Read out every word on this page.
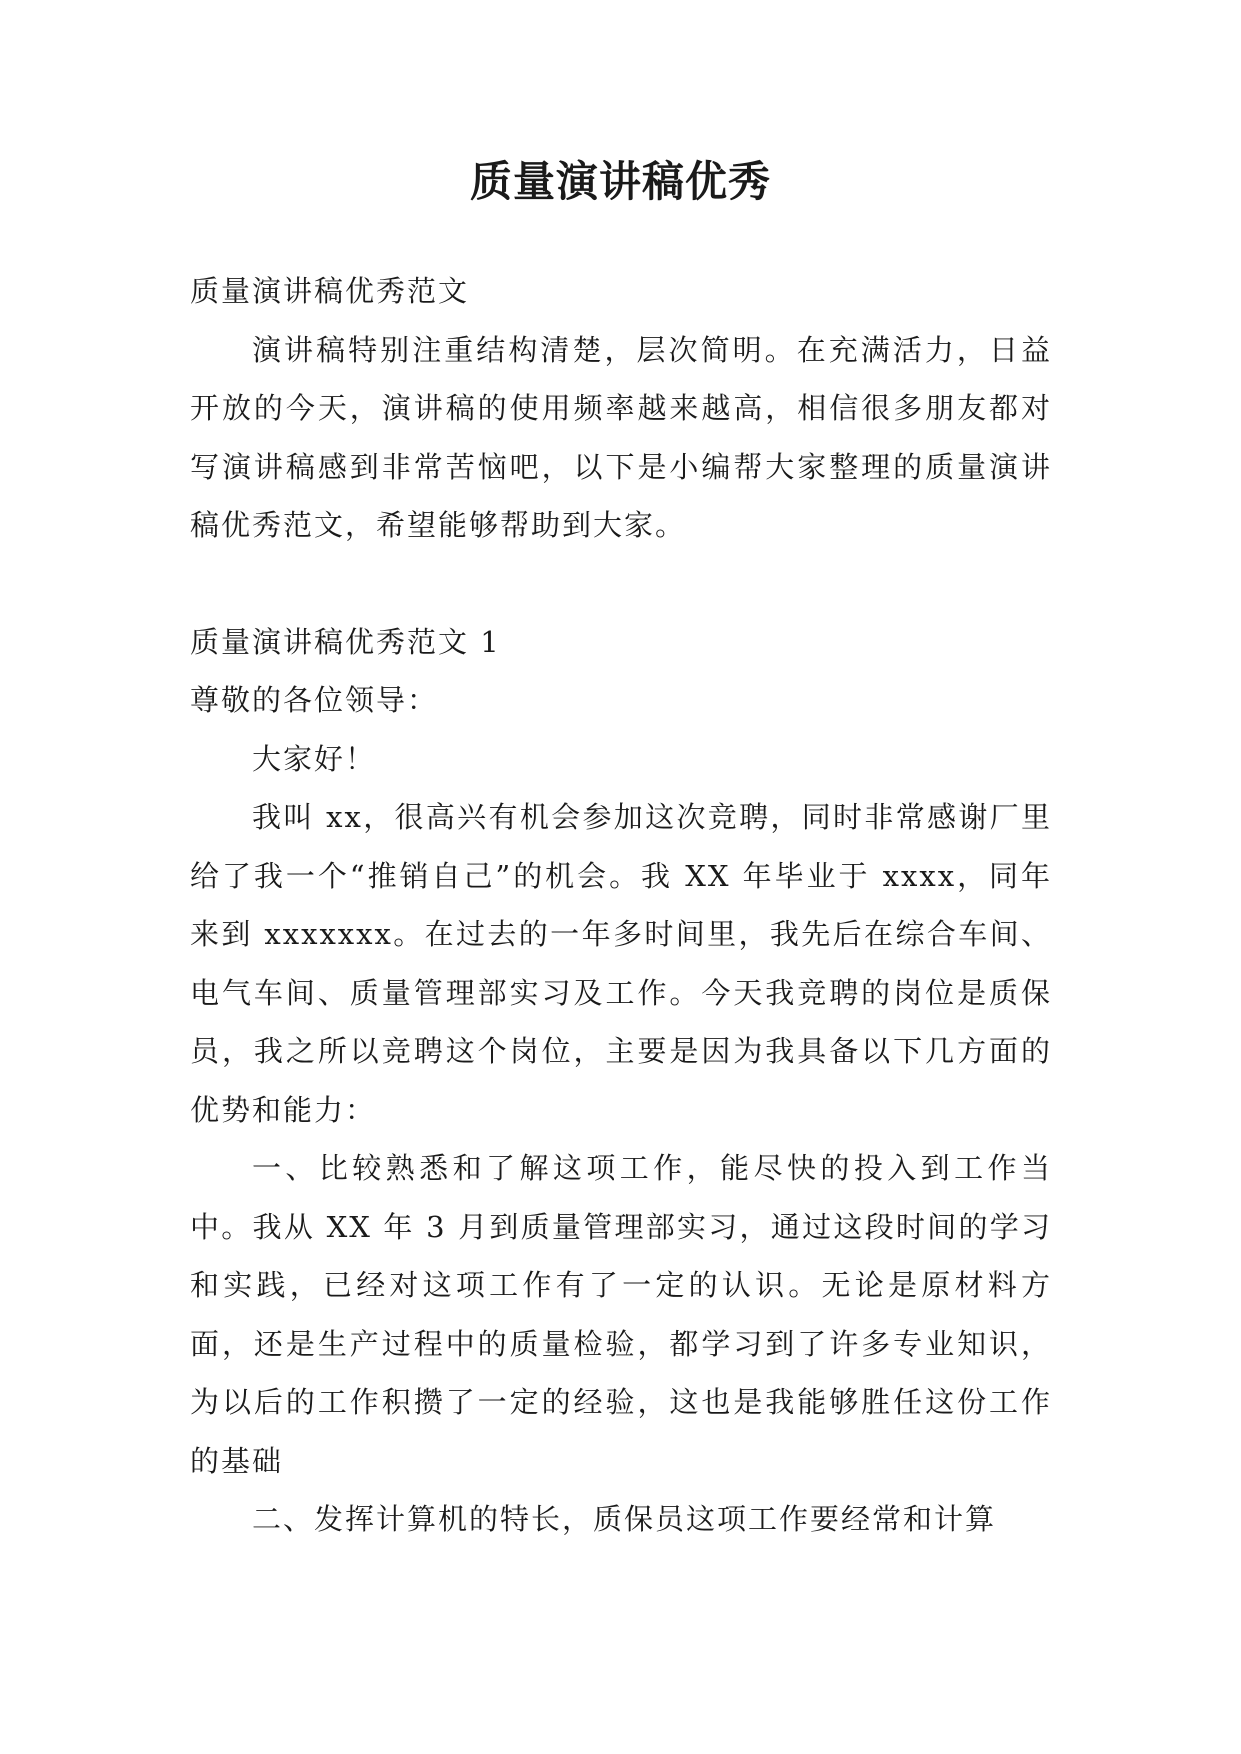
质量演讲稿优秀

质量演讲稿优秀范文

演讲稿特别注重结构清楚，层次简明。在充满活力，日益开放的今天，演讲稿的使用频率越来越高，相信很多朋友都对写演讲稿感到非常苦恼吧，以下是小编帮大家整理的质量演讲稿优秀范文，希望能够帮助到大家。

质量演讲稿优秀范文 1

尊敬的各位领导：

大家好！

我叫 xx，很高兴有机会参加这次竞聘，同时非常感谢厂里给了我一个“推销自己”的机会。我 XX 年毕业于 xxxx，同年来到 xxxxxxx。在过去的一年多时间里，我先后在综合车间、电气车间、质量管理部实习及工作。今天我竞聘的岗位是质保员，我之所以竞聘这个岗位，主要是因为我具备以下几方面的优势和能力：

一、比较熟悉和了解这项工作，能尽快的投入到工作当中。我从 XX 年 3 月到质量管理部实习，通过这段时间的学习和实践，已经对这项工作有了一定的认识。无论是原材料方面，还是生产过程中的质量检验，都学习到了许多专业知识，为以后的工作积攒了一定的经验，这也是我能够胜任这份工作的基础

二、发挥计算机的特长，质保员这项工作要经常和计算
